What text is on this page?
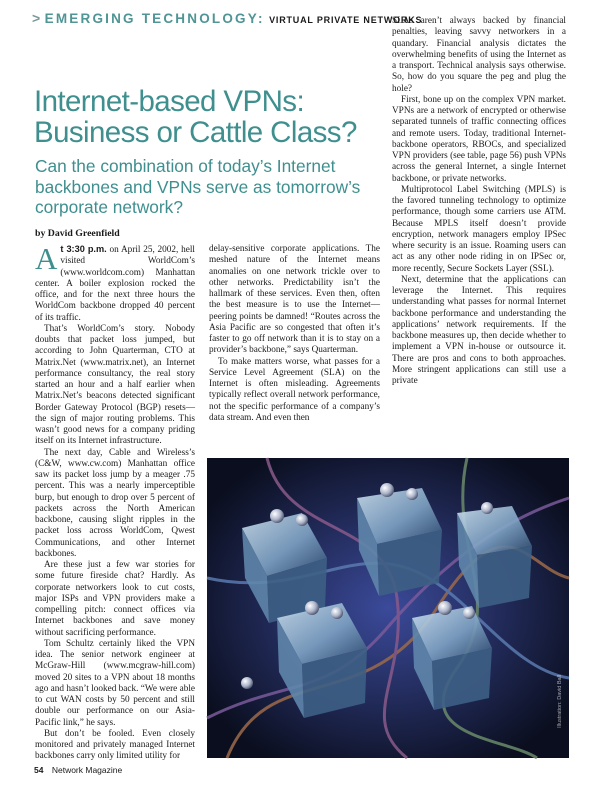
> EMERGING TECHNOLOGY: VIRTUAL PRIVATE NETWORKS
Internet-based VPNs: Business or Cattle Class?

Can the combination of today’s Internet backbones and VPNs serve as tomorrow’s corporate network?

by David Greenfield

At 3:30 p.m. on April 25, 2002, hell visited WorldCom’s (www.worldcom.com) Manhattan center. A boiler explosion rocked the office, and for the next three hours the WorldCom backbone dropped 40 percent of its traffic.

That’s WorldCom’s story. Nobody doubts that packet loss jumped, but according to John Quarterman, CTO at Matrix.Net (www.matrix.net), an Internet performance consultancy, the real story started an hour and a half earlier when Matrix.Net’s beacons detected significant Border Gateway Protocol (BGP) resets—the sign of major routing problems. This wasn’t good news for a company priding itself on its Internet infrastructure.

The next day, Cable and Wireless’s (C&W, www.cw.com) Manhattan office saw its packet loss jump by a meager .75 percent. This was a nearly imperceptible burp, but enough to drop over 5 percent of packets across the North American backbone, causing slight ripples in the packet loss across WorldCom, Qwest Communications, and other Internet backbones.

Are these just a few war stories for some future fireside chat? Hardly. As corporate networkers look to cut costs, major ISPs and VPN providers make a compelling pitch: connect offices via Internet backbones and save money without sacrificing performance.

Tom Schultz certainly liked the VPN idea. The senior network engineer at McGraw-Hill (www.mcgraw-hill.com) moved 20 sites to a VPN about 18 months ago and hasn’t looked back. “We were able to cut WAN costs by 50 percent and still double our performance on our Asia-Pacific link,” he says.

But don’t be fooled. Even closely monitored and privately managed Internet backbones carry only limited utility for

delay-sensitive corporate applications. The meshed nature of the Internet means anomalies on one network trickle over to other networks. Predictability isn’t the hallmark of these services. Even then, often the best measure is to use the Internet—peering points be damned! “Routes across the Asia Pacific are so congested that often it’s faster to go off network than it is to stay on a provider’s backbone,” says Quarterman.

To make matters worse, what passes for a Service Level Agreement (SLA) on the Internet is often misleading. Agreements typically reflect overall network performance, not the specific performance of a company’s data stream. And even then

SLAs aren’t always backed by financial penalties, leaving savvy networkers in a quandary. Financial analysis dictates the overwhelming benefits of using the Internet as a transport. Technical analysis says otherwise. So, how do you square the peg and plug the hole?

First, bone up on the complex VPN market. VPNs are a network of encrypted or otherwise separated tunnels of traffic connecting offices and remote users. Today, traditional Internet-backbone operators, RBOCs, and specialized VPN providers (see table, page 56) push VPNs across the general Internet, a single Internet backbone, or private networks.

Multiprotocol Label Switching (MPLS) is the favored tunneling technology to optimize performance, though some carriers use ATM. Because MPLS itself doesn’t provide encryption, network managers employ IPSec where security is an issue. Roaming users can act as any other node riding in on IPSec or, more recently, Secure Sockets Layer (SSL).

Next, determine that the applications can leverage the Internet. This requires understanding what passes for normal Internet backbone performance and understanding the applications’ network requirements. If the backbone measures up, then decide whether to implement a VPN in-house or outsource it. There are pros and cons to both approaches. More stringent applications can still use a private

Illustration: David Ball
54 Network Magazine
